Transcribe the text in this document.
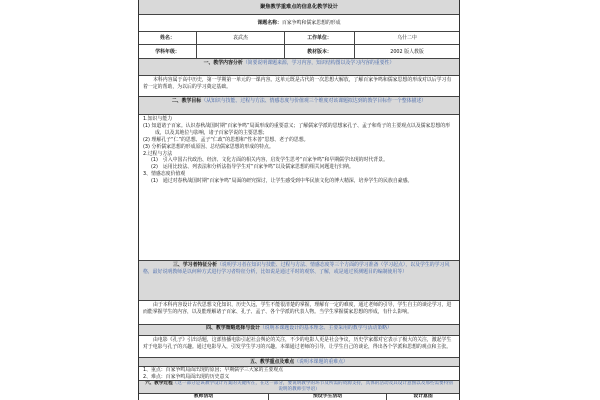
聚焦教学重难点的信息化教学设计
课题名称：百家争鸣和儒家思想的形成
姓名：	袁武杰	工作单位：	乌什二中
学科年级：	教材版本：	2002 版人教版
一、教学内容分析（简要说明课题来源，学习内容，知识结构图以及学习内容的重要性）

本科内容属于高中历史，第一学期第一单元的一课内容。这单元既是古代的一次思想大解放，了解百家争鸣和儒家思想的形成对以后学习有着一定的帮助，为以后的学习奠定基础。

二、教学目标（从知识与技能、过程与方法、情感态度与价值观三个维度对该课题拟达到的教学目标作一个整体描述）

1.知识与能力

(1) 知道诸子百家。认识春秋战国时期“百家争鸣”局面形成的重要意义；了解儒家学派的思想家孔子、孟子和荀子的主要观点以及儒家思想的形成，以及其地位与影响，诸子百家学说的主要思想；

(2) 理解孔子“仁”的思想、孟子“仁政”的思想和“性本善”思想、老子的思想。

(3) 分析儒家思想的形成原因、总结儒家思想的形成的特点。

2.过程与方法

(1)　引入中国古代政治、经济、文化方面的相关内容，启发学生思考“百家争鸣”和早期儒学出现的时代背景。

(2)　运用比较法、列表法和分析法指导学生对“百家争鸣”以及儒家思想的相关问题进行归纳。

3、情感态度价值观

(1)　通过对春秋战国时期“百家争鸣”局面的研究探讨，让学生感受到中华民族文化的博大精深，培养学生的民族自豪感。

三、学习者特征分析（说明学习者在知识与技能、过程与方法、情感态度等三个方面的学习准备（学习起点），以及学生的学习风格，最好说明教师是以何种方式进行学习者特征分析，比如说是通过平时的观察、了解，或是通过预测题目的编制使用等）

由于本科内容设计古代思想文化知识，历史久远，学生不能很清楚的掌握，理解有一定的难度，通过老师的引导，学生自主的谈论学习，进而能掌握学生的内容，以及能理解诸子百家、孔子、孟子、各个学派的代表人物。当学生掌握儒家思想的形成，有什么影响。

四、教学策略选择与设计（说明本课题设计的基本理念、主要采用的教学与活动策略）

由电影《孔子》引出话题，这部热播电影引起社会舆论的关注，不少的电影人更是社会争议，历史学家都对它表示了极大的关注，激起学生对于电影与孔子的兴趣。通过电影导入，引发学生学习的兴趣。本课通过老师的引导，让学生自己的谈论，得出各个学派和思想的观点和主张。

五、教学重点及难点（说明本课题的重难点）

1、重点：百家争鸣局面出现的原因；早期儒学三大家的主要观点

2、难点：百家争鸣局面出现的历史意义

六、教学过程（这一部分是该教学设计方案的关键所在，在这一部分，要说明教学的环节及所需的资源支持，具体的活动及其设计意图以及那些需要特别说明的教师引导语）
教师活动	预设学生活动	设计意图
